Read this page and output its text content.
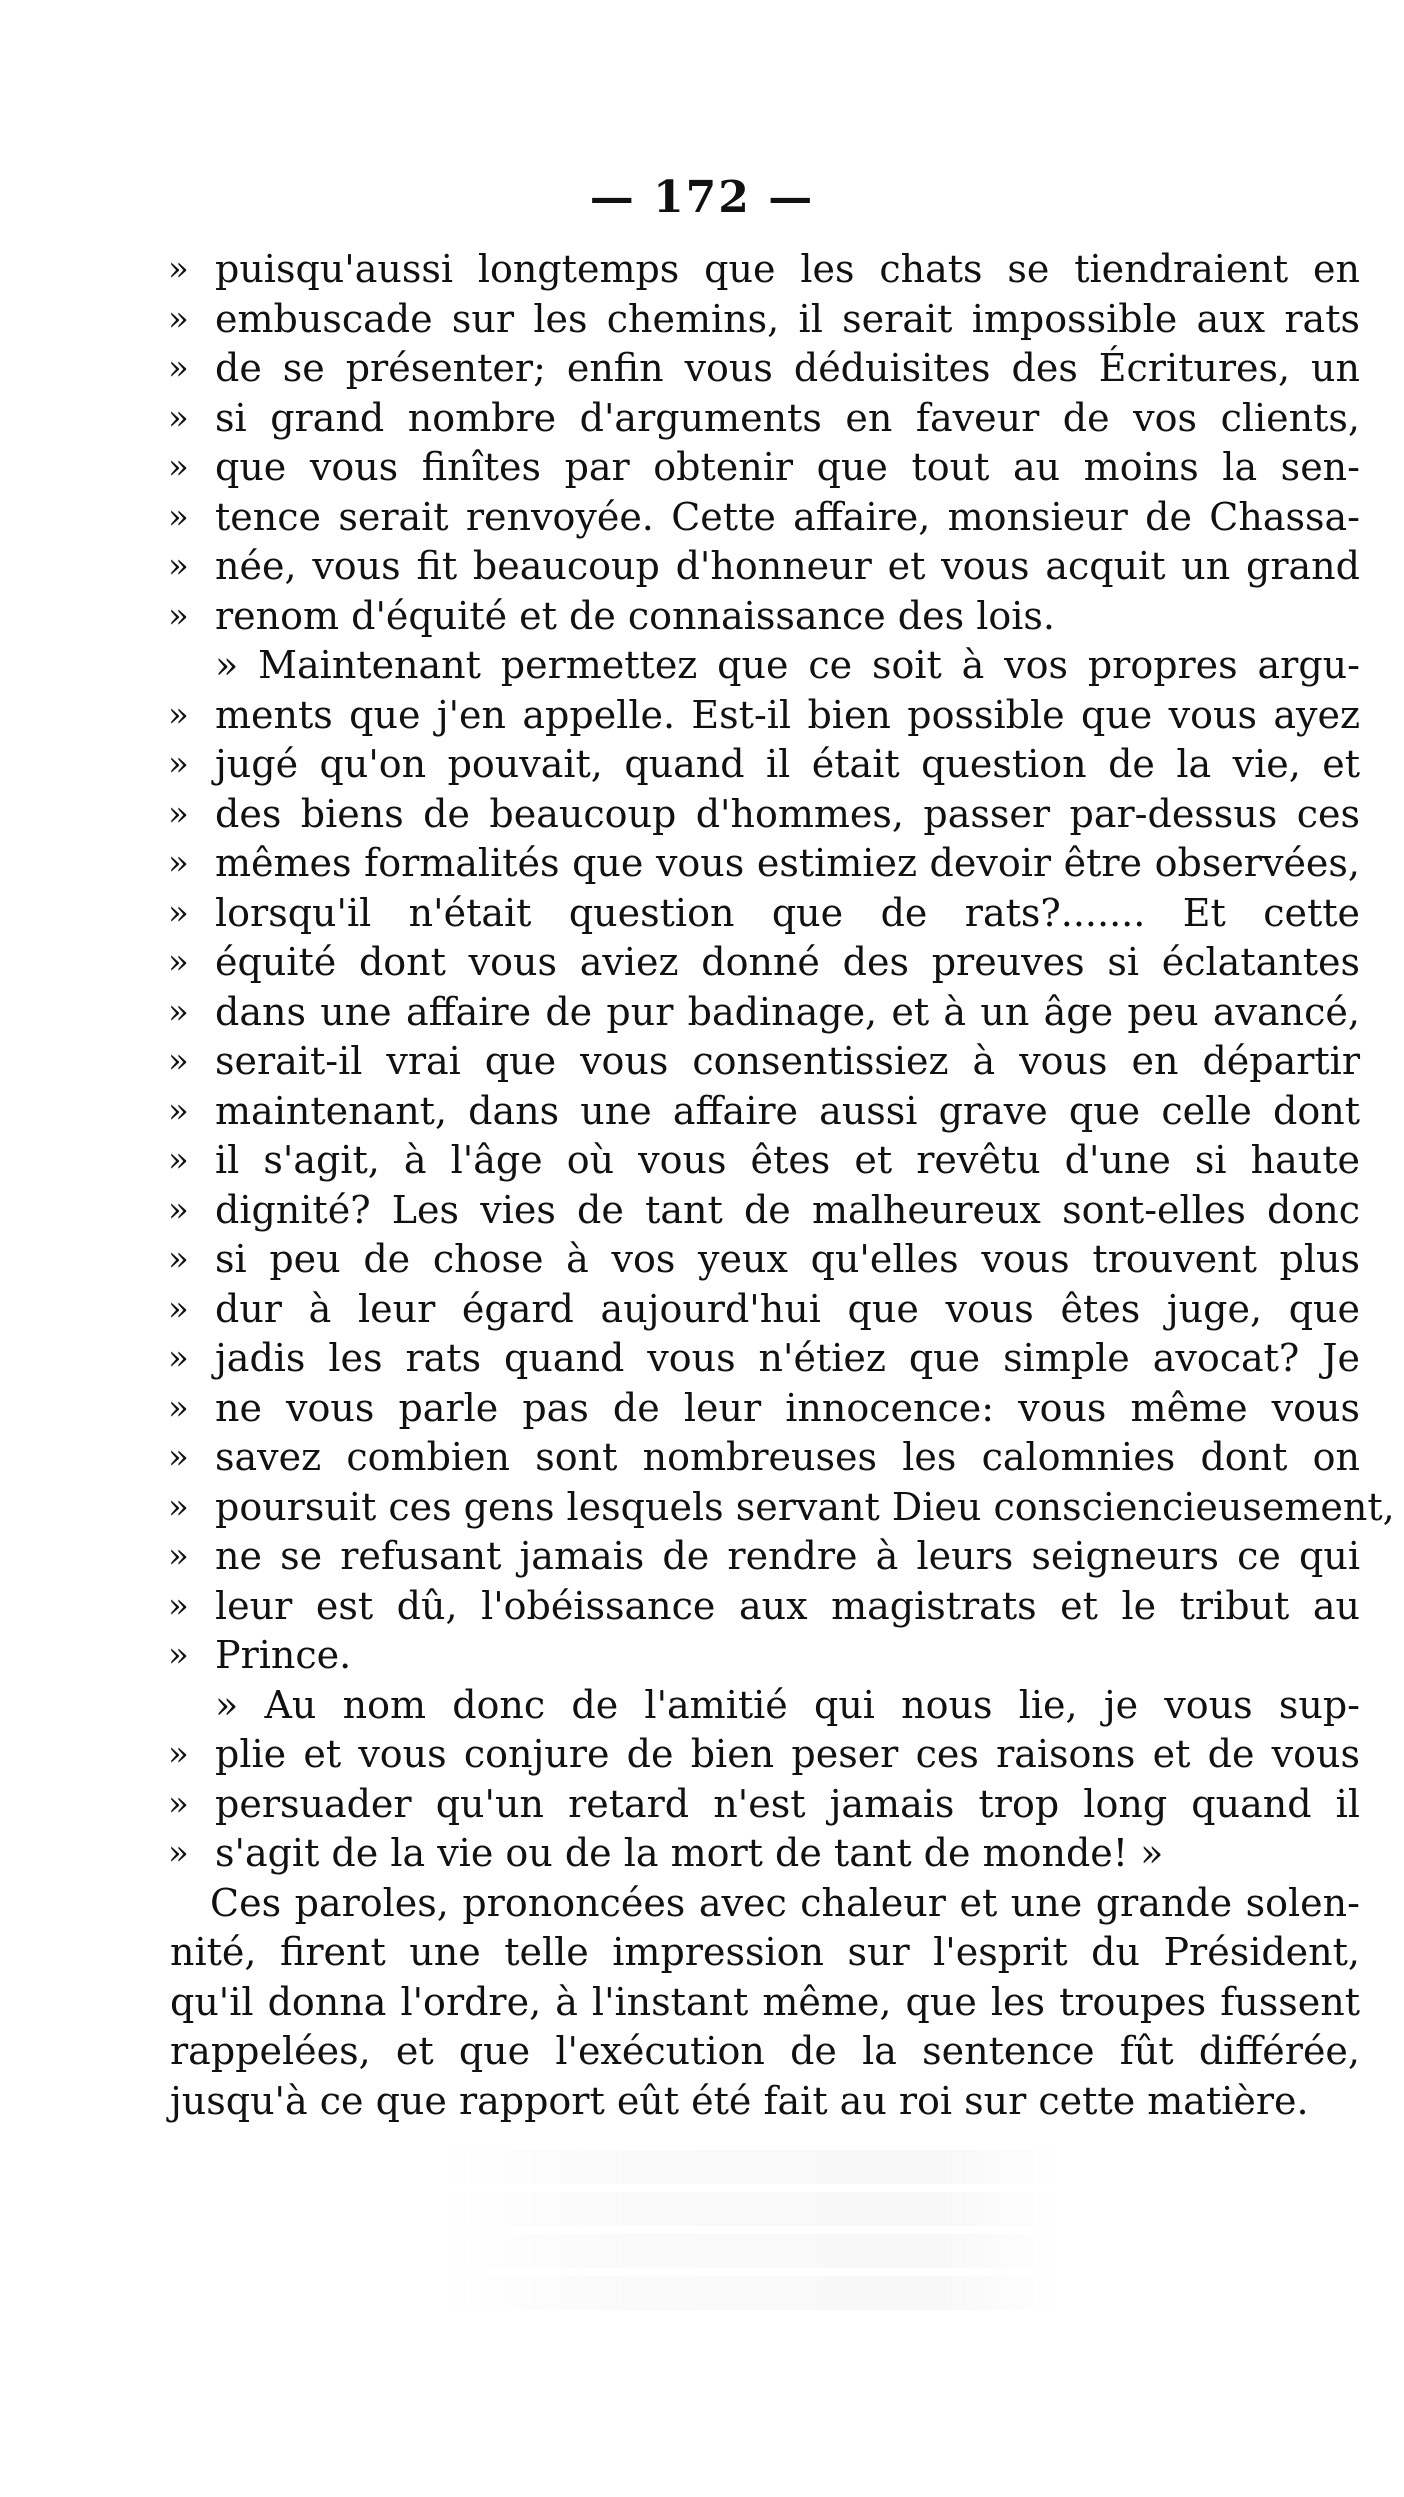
— 172 —
» puisqu'aussi longtemps que les chats se tiendraient en
» embuscade sur les chemins, il serait impossible aux rats
» de se présenter; enfin vous déduisites des Écritures, un
» si grand nombre d'arguments en faveur de vos clients,
» que vous finîtes par obtenir que tout au moins la sen-
» tence serait renvoyée. Cette affaire, monsieur de Chassa-
» née, vous fit beaucoup d'honneur et vous acquit un grand
» renom d'équité et de connaissance des lois.
» Maintenant permettez que ce soit à vos propres argu-
» ments que j'en appelle. Est-il bien possible que vous ayez
» jugé qu'on pouvait, quand il était question de la vie, et
» des biens de beaucoup d'hommes, passer par-dessus ces
» mêmes formalités que vous estimiez devoir être observées,
» lorsqu'il n'était question que de rats?....... Et cette
» équité dont vous aviez donné des preuves si éclatantes
» dans une affaire de pur badinage, et à un âge peu avancé,
» serait-il vrai que vous consentissiez à vous en départir
» maintenant, dans une affaire aussi grave que celle dont
» il s'agit, à l'âge où vous êtes et revêtu d'une si haute
» dignité? Les vies de tant de malheureux sont-elles donc
» si peu de chose à vos yeux qu'elles vous trouvent plus
» dur à leur égard aujourd'hui que vous êtes juge, que
» jadis les rats quand vous n'étiez que simple avocat? Je
» ne vous parle pas de leur innocence: vous même vous
» savez combien sont nombreuses les calomnies dont on
» poursuit ces gens lesquels servant Dieu consciencieusement,
» ne se refusant jamais de rendre à leurs seigneurs ce qui
» leur est dû, l'obéissance aux magistrats et le tribut au
» Prince.
» Au nom donc de l'amitié qui nous lie, je vous sup-
» plie et vous conjure de bien peser ces raisons et de vous
» persuader qu'un retard n'est jamais trop long quand il
» s'agit de la vie ou de la mort de tant de monde! »
Ces paroles, prononcées avec chaleur et une grande solen-
nité, firent une telle impression sur l'esprit du Président,
qu'il donna l'ordre, à l'instant même, que les troupes fussent
rappelées, et que l'exécution de la sentence fût différée,
jusqu'à ce que rapport eût été fait au roi sur cette matière.
